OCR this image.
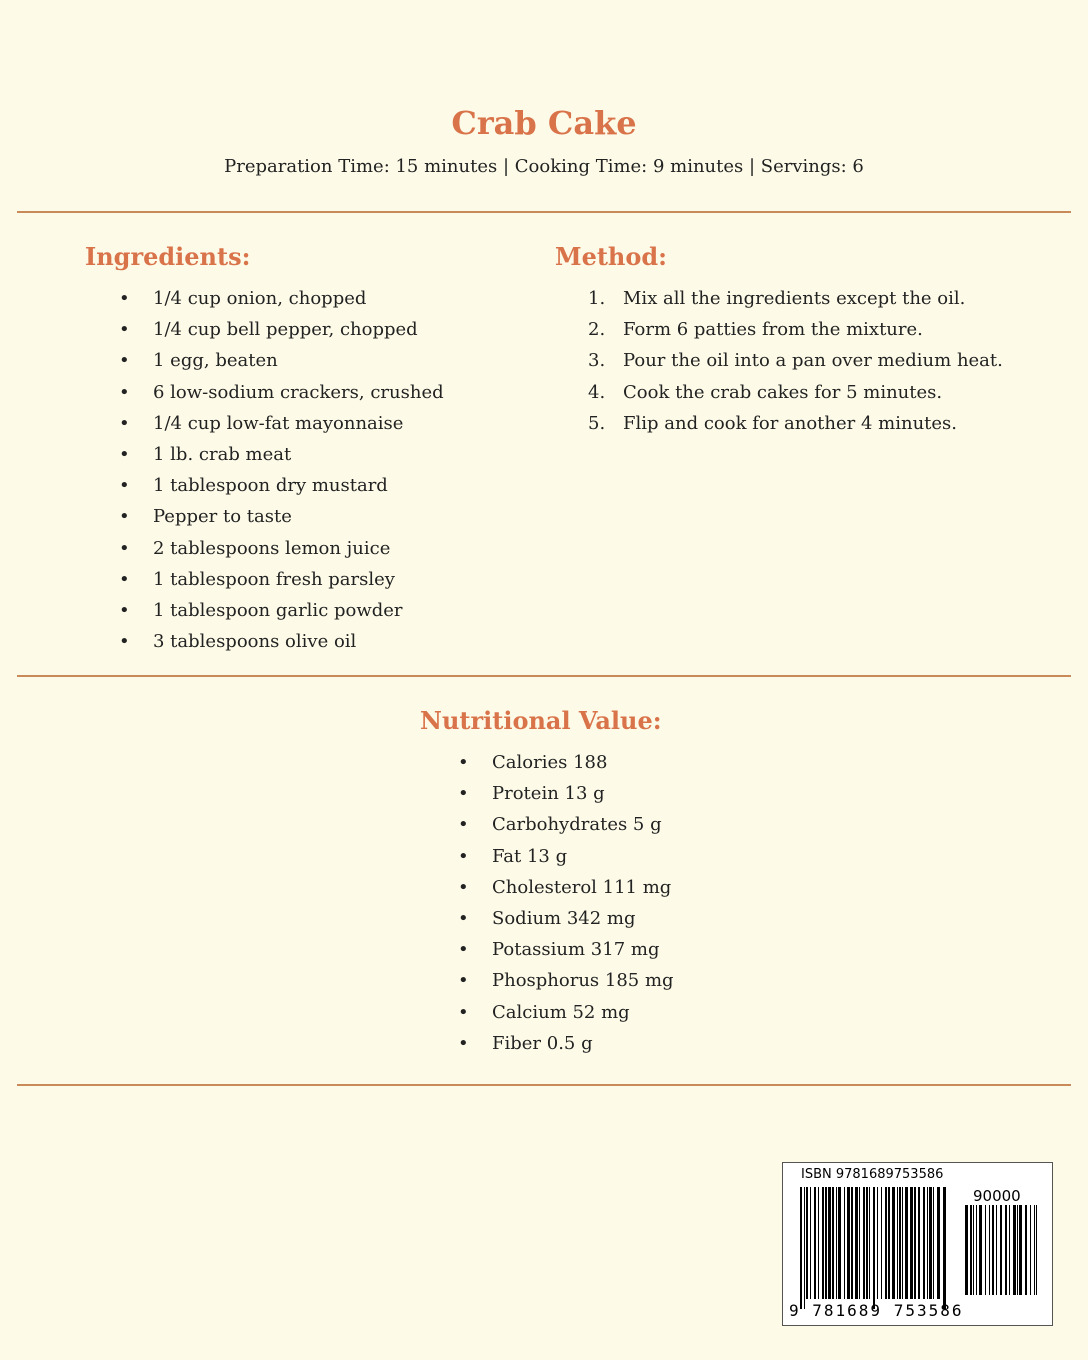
Crab Cake
Preparation Time: 15 minutes | Cooking Time: 9 minutes | Servings: 6
Ingredients:
• 1/4 cup onion, chopped
• 1/4 cup bell pepper, chopped
• 1 egg, beaten
• 6 low-sodium crackers, crushed
• 1/4 cup low-fat mayonnaise
• 1 lb. crab meat
• 1 tablespoon dry mustard
• Pepper to taste
• 2 tablespoons lemon juice
• 1 tablespoon fresh parsley
• 1 tablespoon garlic powder
• 3 tablespoons olive oil
Method:
1. Mix all the ingredients except the oil.
2. Form 6 patties from the mixture.
3. Pour the oil into a pan over medium heat.
4. Cook the crab cakes for 5 minutes.
5. Flip and cook for another 4 minutes.
Nutritional Value:
• Calories 188
• Protein 13 g
• Carbohydrates 5 g
• Fat 13 g
• Cholesterol 111 mg
• Sodium 342 mg
• Potassium 317 mg
• Phosphorus 185 mg
• Calcium 52 mg
• Fiber 0.5 g
ISBN 9781689753586
90000
9 781689 753586
